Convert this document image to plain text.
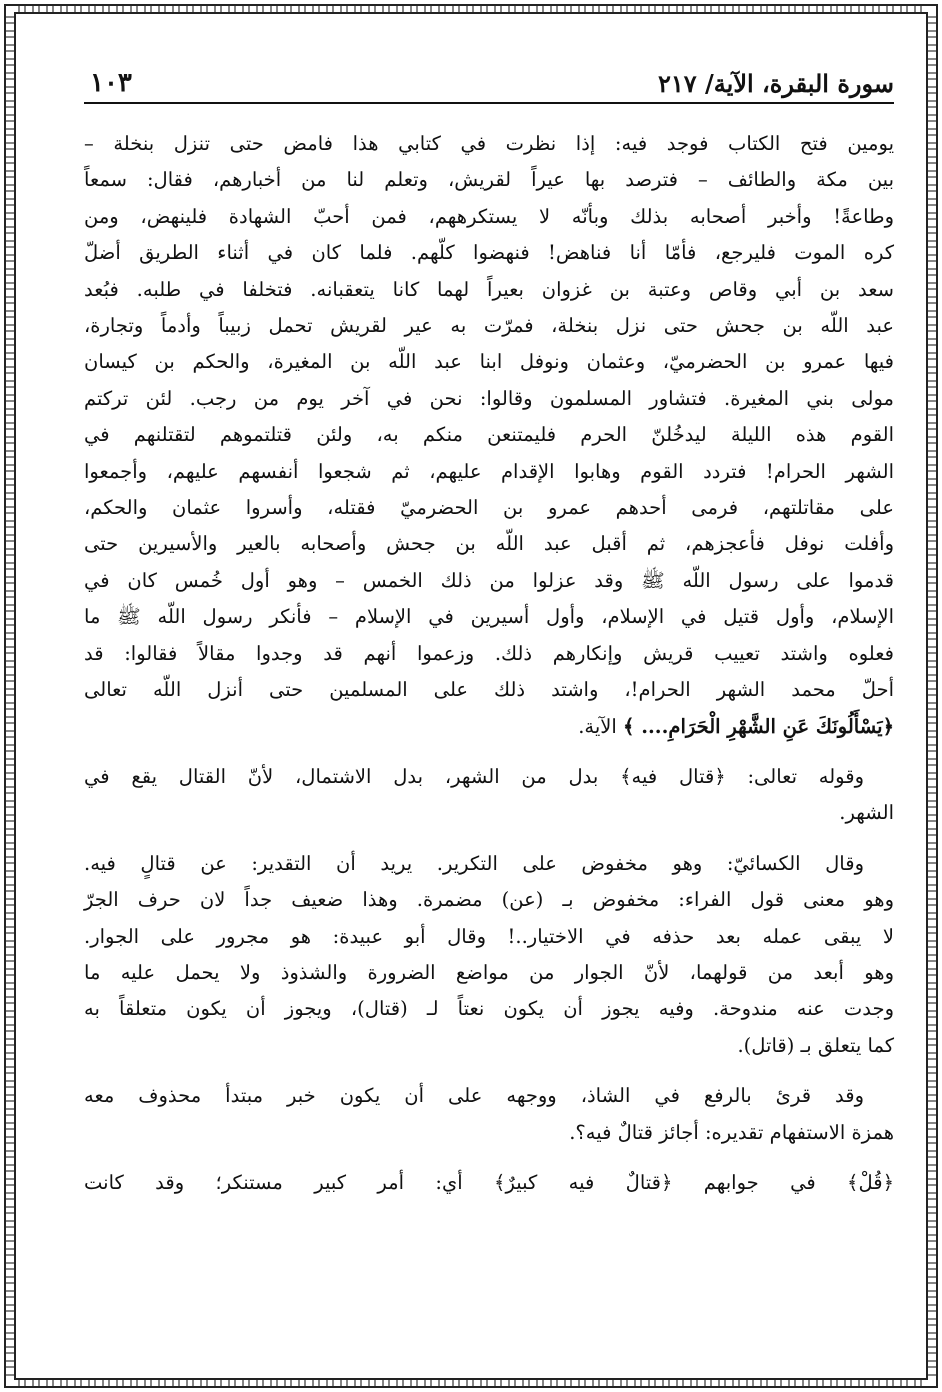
سورة البقرة، الآية/ ٢١٧
١٠٣

يومين فتح الكتاب فوجد فيه: إذا نظرت في كتابي هذا فامض حتى تنزل بنخلة –
بين مكة والطائف – فترصد بها عيراً لقريش، وتعلم لنا من أخبارهم، فقال: سمعاً
وطاعةً! وأخبر أصحابه بذلك وبأنّه لا يستكرههم، فمن أحبّ الشهادة فلينهض، ومن
كره الموت فليرجع، فأمّا أنا فناهض! فنهضوا كلّهم. فلما كان في أثناء الطريق أضلّ
سعد بن أبي وقاص وعتبة بن غزوان بعيراً لهما كانا يتعقبانه. فتخلفا في طلبه. فبُعد
عبد اللّه بن جحش حتى نزل بنخلة، فمرّت به عير لقريش تحمل زبيباً وأدماً وتجارة،
فيها عمرو بن الحضرميّ، وعثمان ونوفل ابنا عبد اللّه بن المغيرة، والحكم بن كيسان
مولى بني المغيرة. فتشاور المسلمون وقالوا: نحن في آخر يوم من رجب. لئن تركتم
القوم هذه الليلة ليدخُلنّ الحرم فليمتنعن منكم به، ولئن قتلتموهم لتقتلنهم في
الشهر الحرام! فتردد القوم وهابوا الإقدام عليهم، ثم شجعوا أنفسهم عليهم، وأجمعوا
على مقاتلتهم، فرمى أحدهم عمرو بن الحضرميّ فقتله، وأسروا عثمان والحكم،
وأفلت نوفل فأعجزهم، ثم أقبل عبد اللّه بن جحش وأصحابه بالعير والأسيرين حتى
قدموا على رسول اللّه ﷺ وقد عزلوا من ذلك الخمس – وهو أول خُمس كان في
الإسلام، وأول قتيل في الإسلام، وأول أسيرين في الإسلام – فأنكر رسول اللّه ﷺ ما
فعلوه واشتد تعييب قريش وإنكارهم ذلك. وزعموا أنهم قد وجدوا مقالاً فقالوا: قد
أحلّ محمد الشهر الحرام!، واشتد ذلك على المسلمين حتى أنزل اللّه تعالى
﴿يَسْأَلُونَكَ عَنِ الشَّهْرِ الْحَرَامِ.... ﴾ الآية.

وقوله تعالى: ﴿قتال فيه﴾ بدل من الشهر، بدل الاشتمال، لأنّ القتال يقع في
الشهر.

وقال الكسائيّ: وهو مخفوض على التكرير. يريد أن التقدير: عن قتالٍ فيه.
وهو معنى قول الفراء: مخفوض بـ (عن) مضمرة. وهذا ضعيف جداً لان حرف الجرّ
لا يبقى عمله بعد حذفه في الاختيار..! وقال أبو عبيدة: هو مجرور على الجوار.
وهو أبعد من قولهما، لأنّ الجوار من مواضع الضرورة والشذوذ ولا يحمل عليه ما
وجدت عنه مندوحة. وفيه يجوز أن يكون نعتاً لـ (قتال)، ويجوز أن يكون متعلقاً به
كما يتعلق بـ (قاتل).

وقد قرئ بالرفع في الشاذ، ووجهه على أن يكون خبر مبتدأ محذوف معه
همزة الاستفهام تقديره: أجائز قتالٌ فيه؟.

﴿قُلْ﴾ في جوابهم ﴿قتالٌ فيه كبيرٌ﴾ أي: أمر كبير مستنكر؛ وقد كانت
